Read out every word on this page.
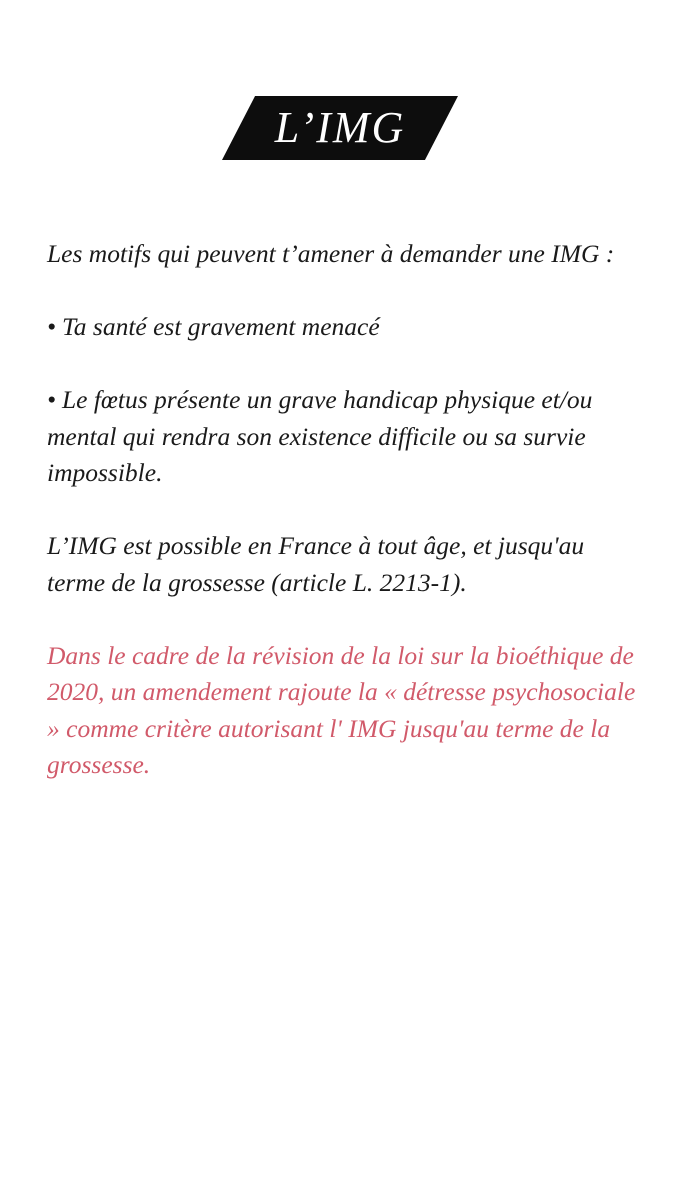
L’IMG

Les motifs qui peuvent t’amener à demander une IMG :

• Ta santé est gravement menacé

• Le fœtus présente un grave handicap physique et/ou mental qui rendra son existence difficile ou sa survie impossible.

L’IMG est possible en France à tout âge, et jusqu'au terme de la grossesse (article L. 2213-1).

Dans le cadre de la révision de la loi sur la bioéthique de 2020, un amendement rajoute la « détresse psychosociale » comme critère autorisant l' IMG jusqu'au terme de la grossesse.
